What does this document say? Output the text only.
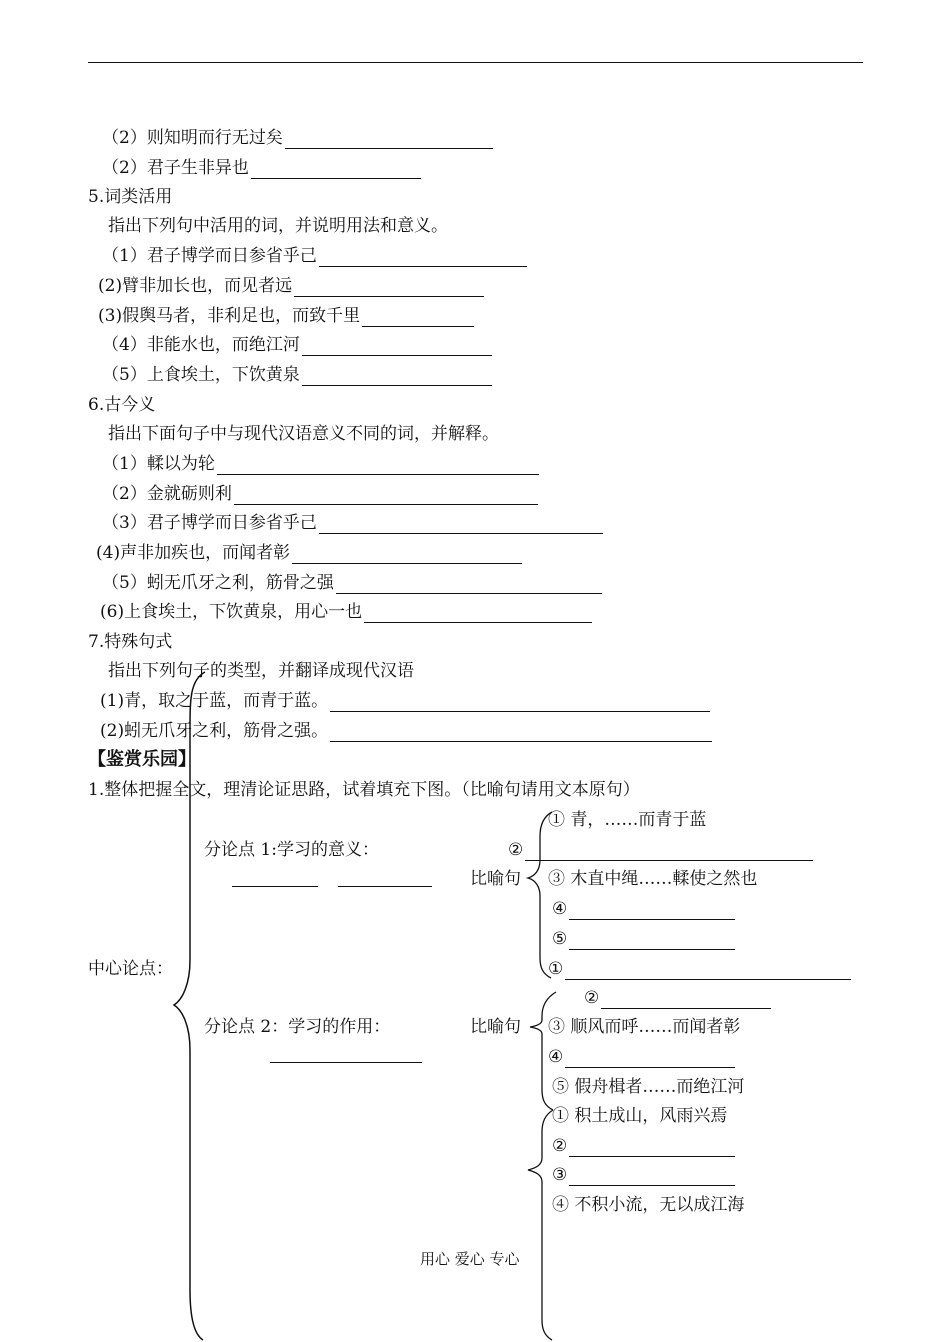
（2）则知明而行无过矣
（2）君子生非异也
5.词类活用
指出下列句中活用的词，并说明用法和意义。
（1）君子博学而日参省乎己
(2)臂非加长也，而见者远
(3)假舆马者，非利足也，而致千里
（4）非能水也，而绝江河
（5）上食埃土，下饮黄泉
6.古今义
指出下面句子中与现代汉语意义不同的词，并解释。
（1）輮以为轮
（2）金就砺则利
（3）君子博学而日参省乎己
(4)声非加疾也，而闻者彰
（5）蚓无爪牙之利，筋骨之强
(6)上食埃土，下饮黄泉，用心一也
7.特殊句式
指出下列句子的类型，并翻译成现代汉语
(1)青，取之于蓝，而青于蓝。
(2)蚓无爪牙之利，筋骨之强。
【鉴赏乐园】
1.整体把握全文，理清论证思路，试着填充下图。（比喻句请用文本原句）
中心论点：
分论点 1:学习的意义：
分论点 2：学习的作用：
比喻句
比喻句
① 青，……而青于蓝
②
③ 木直中绳……輮使之然也
④
⑤
①
②
③ 顺风而呼……而闻者彰
④
⑤ 假舟楫者……而绝江河
① 积土成山，风雨兴焉
②
③
④ 不积小流，无以成江海
用心 爱心 专心
